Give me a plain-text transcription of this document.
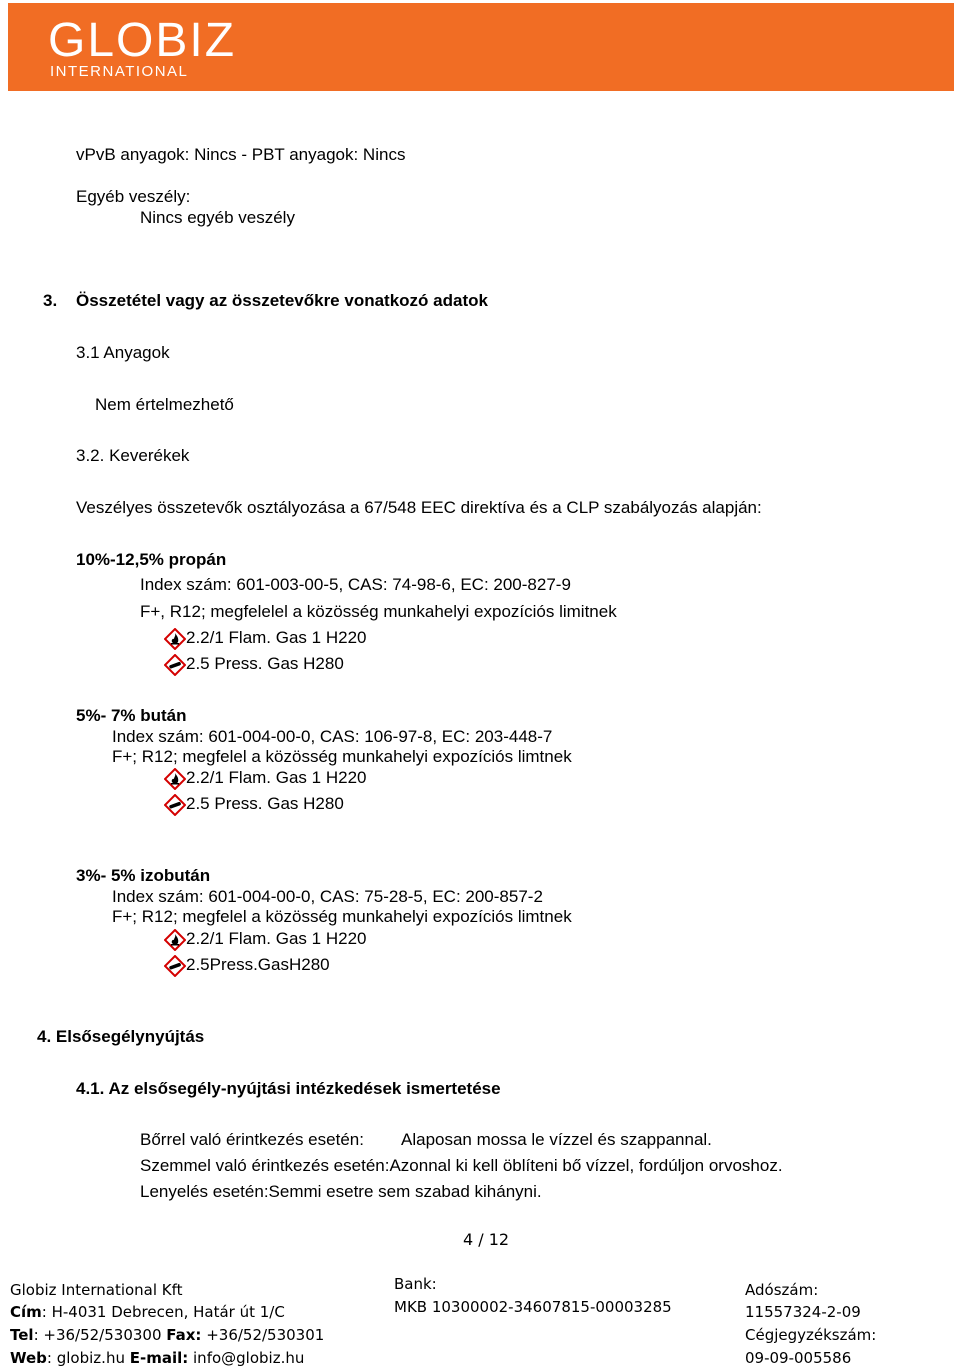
GLOBIZ
INTERNATIONAL
vPvB anyagok: Nincs - PBT anyagok: Nincs
Egyéb veszély:
Nincs egyéb veszély
3. Összetétel vagy az összetevőkre vonatkozó adatok
3.1 Anyagok
Nem értelmezhető
3.2. Keverékek
Veszélyes összetevők osztályozása a 67/548 EEC direktíva és a CLP szabályozás alapján:
10%-12,5% propán
Index szám: 601-003-00-5, CAS: 74-98-6, EC: 200-827-9
F+, R12; megfelelel a közösség munkahelyi expozíciós limitnek
2.2/1 Flam. Gas 1 H220
2.5 Press. Gas H280
5%- 7% bután
Index szám: 601-004-00-0, CAS: 106-97-8, EC: 203-448-7
F+; R12; megfelel a közösség munkahelyi expozíciós limtnek
2.2/1 Flam. Gas 1 H220
2.5 Press. Gas H280
3%- 5% izobután
Index szám: 601-004-00-0, CAS: 75-28-5, EC: 200-857-2
F+; R12; megfelel a közösség munkahelyi expozíciós limtnek
2.2/1 Flam. Gas 1 H220
2.5Press.GasH280
4. Elsősegélynyújtás
4.1. Az elsősegély-nyújtási intézkedések ismertetése
Bőrrel való érintkezés esetén: Alaposan mossa le vízzel és szappannal.
Szemmel való érintkezés esetén:Azonnal ki kell öblíteni bő vízzel, fordúljon orvoshoz.
Lenyelés esetén:Semmi esetre sem szabad kihányni.
4 / 12
Globiz International Kft
Cím: H-4031 Debrecen, Határ út 1/C
Tel: +36/52/530300 Fax: +36/52/530301
Web: globiz.hu E-mail: info@globiz.hu
Bank:
MKB 10300002-34607815-00003285
Adószám:
11557324-2-09
Cégjegyzékszám:
09-09-005586
